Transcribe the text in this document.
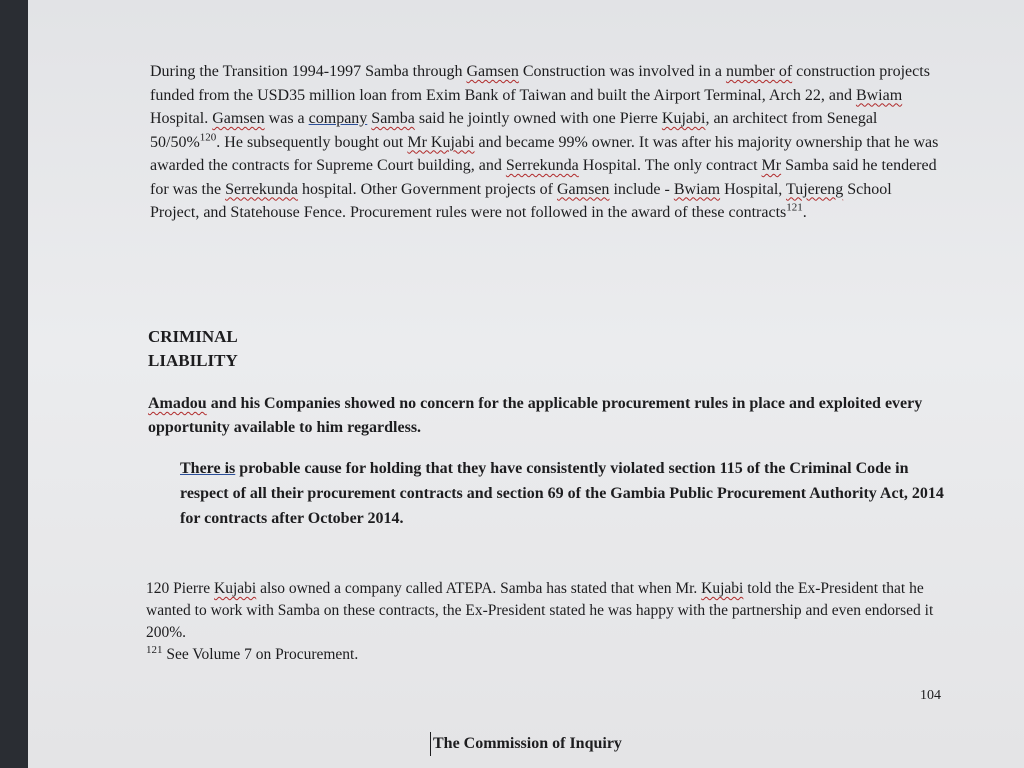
During the Transition 1994-1997 Samba through Gamsen Construction was involved in a number of construction projects funded from the USD35 million loan from Exim Bank of Taiwan and built the Airport Terminal, Arch 22, and Bwiam Hospital. Gamsen was a company Samba said he jointly owned with one Pierre Kujabi, an architect from Senegal 50/50%$^{120}$. He subsequently bought out Mr Kujabi and became 99% owner. It was after his majority ownership that he was awarded the contracts for Supreme Court building, and Serrekunda Hospital. The only contract Mr Samba said he tendered for was the Serrekunda hospital. Other Government projects of Gamsen include - Bwiam Hospital, Tujereng School Project, and Statehouse Fence. Procurement rules were not followed in the award of these contracts$^{121}$.
CRIMINAL
LIABILITY
Amadou and his Companies showed no concern for the applicable procurement rules in place and exploited every opportunity available to him regardless.
There is probable cause for holding that they have consistently violated section 115 of the Criminal Code in respect of all their procurement contracts and section 69 of the Gambia Public Procurement Authority Act, 2014 for contracts after October 2014.
120 Pierre Kujabi also owned a company called ATEPA. Samba has stated that when Mr. Kujabi told the Ex-President that he wanted to work with Samba on these contracts, the Ex-President stated he was happy with the partnership and even endorsed it 200%.
$^{121}$ See Volume 7 on Procurement.
104
The Commission of Inquiry
